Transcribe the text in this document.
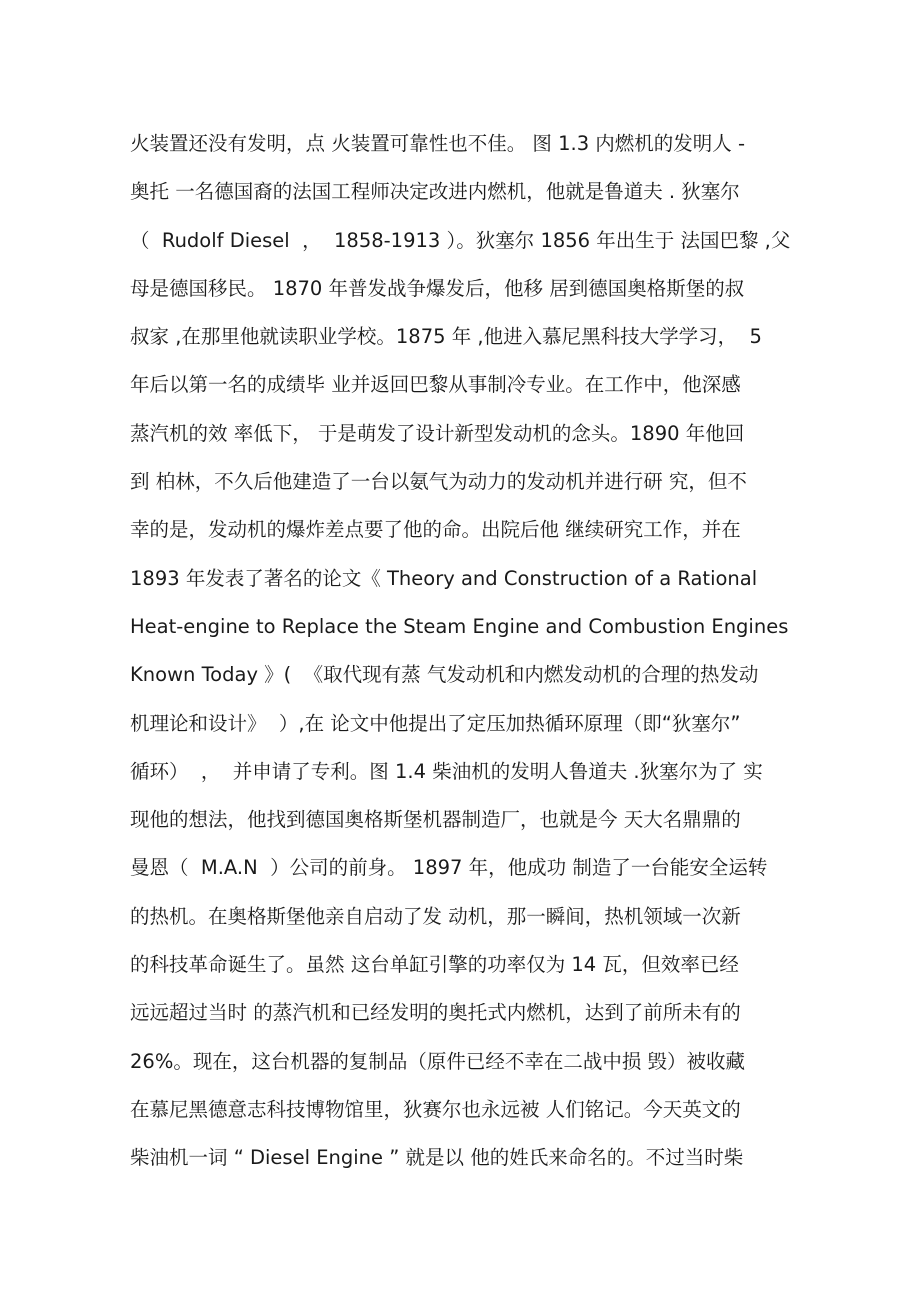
火装置还没有发明，点 火装置可靠性也不佳。 图 1.3 内燃机的发明人 -
奥托 一名德国裔的法国工程师决定改进内燃机，他就是鲁道夫 . 狄塞尔
（  Rudolf Diesel  ，  1858-1913 ）。狄塞尔 1856 年出生于 法国巴黎 ,父
母是德国移民。 1870 年普发战争爆发后，他移 居到德国奥格斯堡的叔
叔家 ,在那里他就读职业学校。1875 年 ,他进入慕尼黑科技大学学习，  5
年后以第一名的成绩毕 业并返回巴黎从事制冷专业。在工作中，他深感
蒸汽机的效 率低下， 于是萌发了设计新型发动机的念头。1890 年他回
到 柏林，不久后他建造了一台以氨气为动力的发动机并进行研 究，但不
幸的是，发动机的爆炸差点要了他的命。出院后他 继续研究工作，并在
1893 年发表了著名的论文《 Theory and Construction of a Rational
Heat-engine to Replace the Steam Engine and Combustion Engines
Known Today 》(  《取代现有蒸 气发动机和内燃发动机的合理的热发动
机理论和设计》  ）,在 论文中他提出了定压加热循环原理（即“狄塞尔”
循环）  ，  并申请了专利。图 1.4 柴油机的发明人鲁道夫 .狄塞尔为了 实
现他的想法，他找到德国奥格斯堡机器制造厂，也就是今 天大名鼎鼎的
曼恩（  M.A.N  ）公司的前身。 1897 年，他成功 制造了一台能安全运转
的热机。在奥格斯堡他亲自启动了发 动机，那一瞬间，热机领域一次新
的科技革命诞生了。虽然 这台单缸引擎的功率仅为 14 瓦，但效率已经
远远超过当时 的蒸汽机和已经发明的奥托式内燃机，达到了前所未有的
26%。现在，这台机器的复制品（原件已经不幸在二战中损 毁）被收藏
在慕尼黑德意志科技博物馆里，狄赛尔也永远被 人们铭记。今天英文的
柴油机一词 “ Diesel Engine ” 就是以 他的姓氏来命名的。不过当时柴
